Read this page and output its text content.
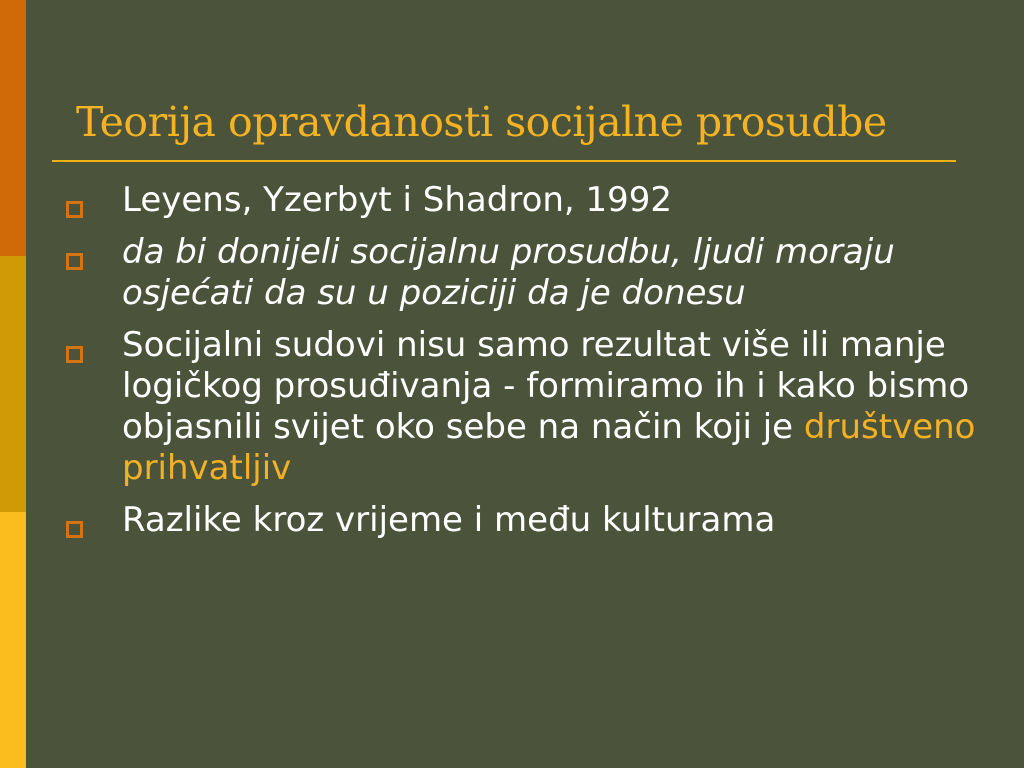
Teorija opravdanosti socijalne prosudbe
Leyens, Yzerbyt i Shadron, 1992
da bi donijeli socijalnu prosudbu, ljudi moraju osjećati da su u poziciji da je donesu
Socijalni sudovi nisu samo rezultat više ili manje logičkog prosuđivanja - formiramo ih i kako bismo objasnili svijet oko sebe na način koji je društveno prihvatljiv
Razlike kroz vrijeme i među kulturama
